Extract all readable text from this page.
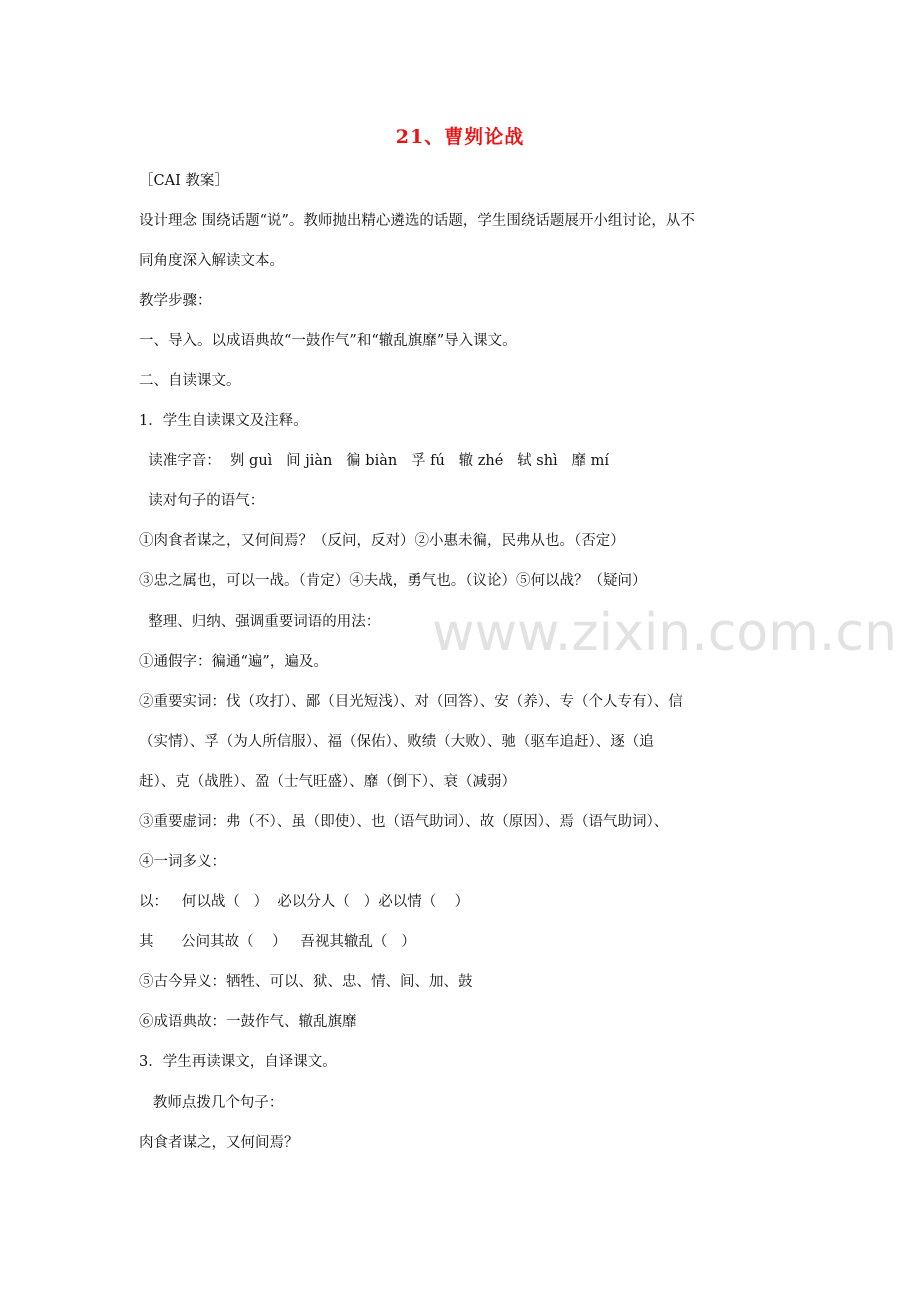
21、曹刿论战
［CAI 教案］
设计理念 围绕话题“说”。教师抛出精心遴选的话题，学生围绕话题展开小组讨论，从不
同角度深入解读文本。
教学步骤：
一、导入。以成语典故“一鼓作气”和“辙乱旗靡”导入课文。
二、自读课文。
1．学生自读课文及注释。
读准字音：  刿 guì   间 jiàn   徧 biàn   孚 fú   辙 zhé   轼 shì   靡 mí
读对句子的语气：
①肉食者谋之，又何间焉？（反问，反对）②小惠未徧，民弗从也。（否定）
③忠之属也，可以一战。（肯定）④夫战，勇气也。（议论）⑤何以战？（疑问）
整理、归纳、强调重要词语的用法：
①通假字：徧通“遍”，遍及。
②重要实词：伐（攻打）、鄙（目光短浅）、对（回答）、安（养）、专（个人专有）、信
（实情）、孚（为人所信服）、福（保佑）、败绩（大败）、驰（驱车追赶）、逐（追
赶）、克（战胜）、盈（士气旺盛）、靡（倒下）、衰（减弱）
③重要虚词：弗（不）、虽（即使）、也（语气助词）、故（原因）、焉（语气助词）、
④一词多义：
以：   何以战（   ）  必以分人（   ）必以情（    ）
其      公问其故（    ）   吾视其辙乱（   ）
⑤古今异义：牺牲、可以、狱、忠、情、间、加、鼓
⑥成语典故：一鼓作气、辙乱旗靡
3．学生再读课文，自译课文。
教师点拨几个句子：
肉食者谋之，又何间焉？
www.zixin.com.cn
